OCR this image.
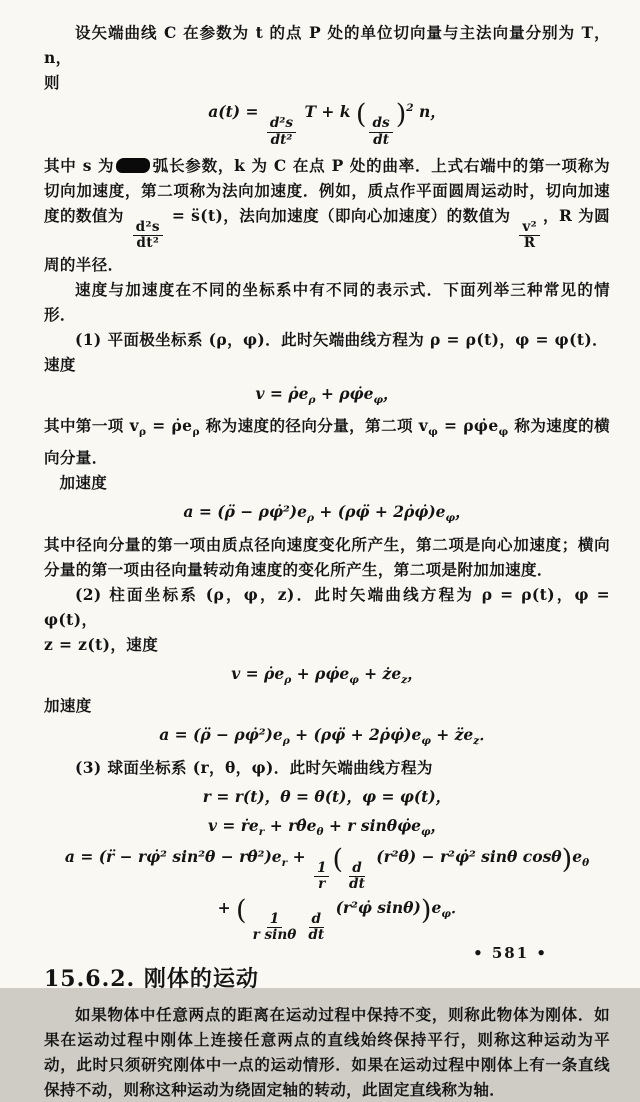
设矢端曲线 C 在参数为 t 的点 P 处的单位切向量与主法向量分别为 T，n，
则

a(t) =
$\frac{\text{d²s}}{\text{dt²}}$
T + k (
$\frac{ds}{dt}$
)$^2$ n，

其中 s 为 弧长参数，k 为 C 在点 P 处的曲率．上式右端中的第一项称为切向加速度，第二项称为法向加速度．例如，质点作平面圆周运动时，切向加速度的数值为
$\frac{\text{d²s}}{\text{dt²}}$
= s̈(t)，法向加速度（即向心加速度）的数值为
$\frac{\text{v²}}{R}$
，R 为圆周的半径．

速度与加速度在不同的坐标系中有不同的表示式．下面列举三种常见的情形．

(1) 平面极坐标系 (ρ，φ)．此时矢端曲线方程为 ρ = ρ(t)，φ = φ(t)．
速度

$v = \rhȯe_\rho$ + $\rho\varphi̇e_\varphi$，

其中第一项 $v_\rho$ = $\rhȯe_\rho$ 称为速度的径向分量，第二项 $v_\varphi$ = $\rho\varphi̇e_\varphi$ 称为速度的横向分量．

加速度

a = (ρ̈ − $\rho\varphi̇^2)e_\rho$ + (ρφ̈ + $2\rhȯ\varphi̇)e_\varphi$，

其中径向分量的第一项由质点径向速度变化所产生，第二项是向心加速度；横向分量的第一项由径向量转动角速度的变化所产生，第二项是附加加速度．

(2) 柱面坐标系 (ρ，φ，z)．此时矢端曲线方程为 ρ = ρ(t)，φ = φ(t)，
z = z(t)，速度

$v = \rhȯe_\rho$ + $\rho\varphi̇e_\varphi$ + $że_z$，

加速度

a = (ρ̈ − $\rho\varphi̇^2)e_\rho$ + (ρφ̈ + $2\rhȯ\varphi̇)e_\varphi$ + $z̈e_z$．

(3) 球面坐标系 (r，θ，φ)．此时矢端曲线方程为

r = r(t)，θ = θ(t)，φ = φ(t)，
v = ṙe$_r$ + $r\thetȧe_\theta + r$ $\sin\theta\varphi̇e_\varphi$，
a = (r̈ − rφ̇² $\sin^2\theta - r\thetȧ^2)e_r$ +
$\frac{1}{r}$
(
$\frac{d}{dt}$
(r²θ̇) − r²φ̇² sinθ $\cos\theta)e_\theta$
+ (
$\frac{1}{\text{r sinθ}} \frac{d}{dt}$
(r²φ̇ $\sin\theta))e_\varphi$．
15.6.2. 刚体的运动

如果物体中任意两点的距离在运动过程中保持不变，则称此物体为刚体．如果在运动过程中刚体上连接任意两点的直线始终保持平行，则称这种运动为平动，此时只须研究刚体中一点的运动情形．如果在运动过程中刚体上有一条直线保持不动，则称这种运动为绕固定轴的转动，此固定直线称为轴．

• 581 •
